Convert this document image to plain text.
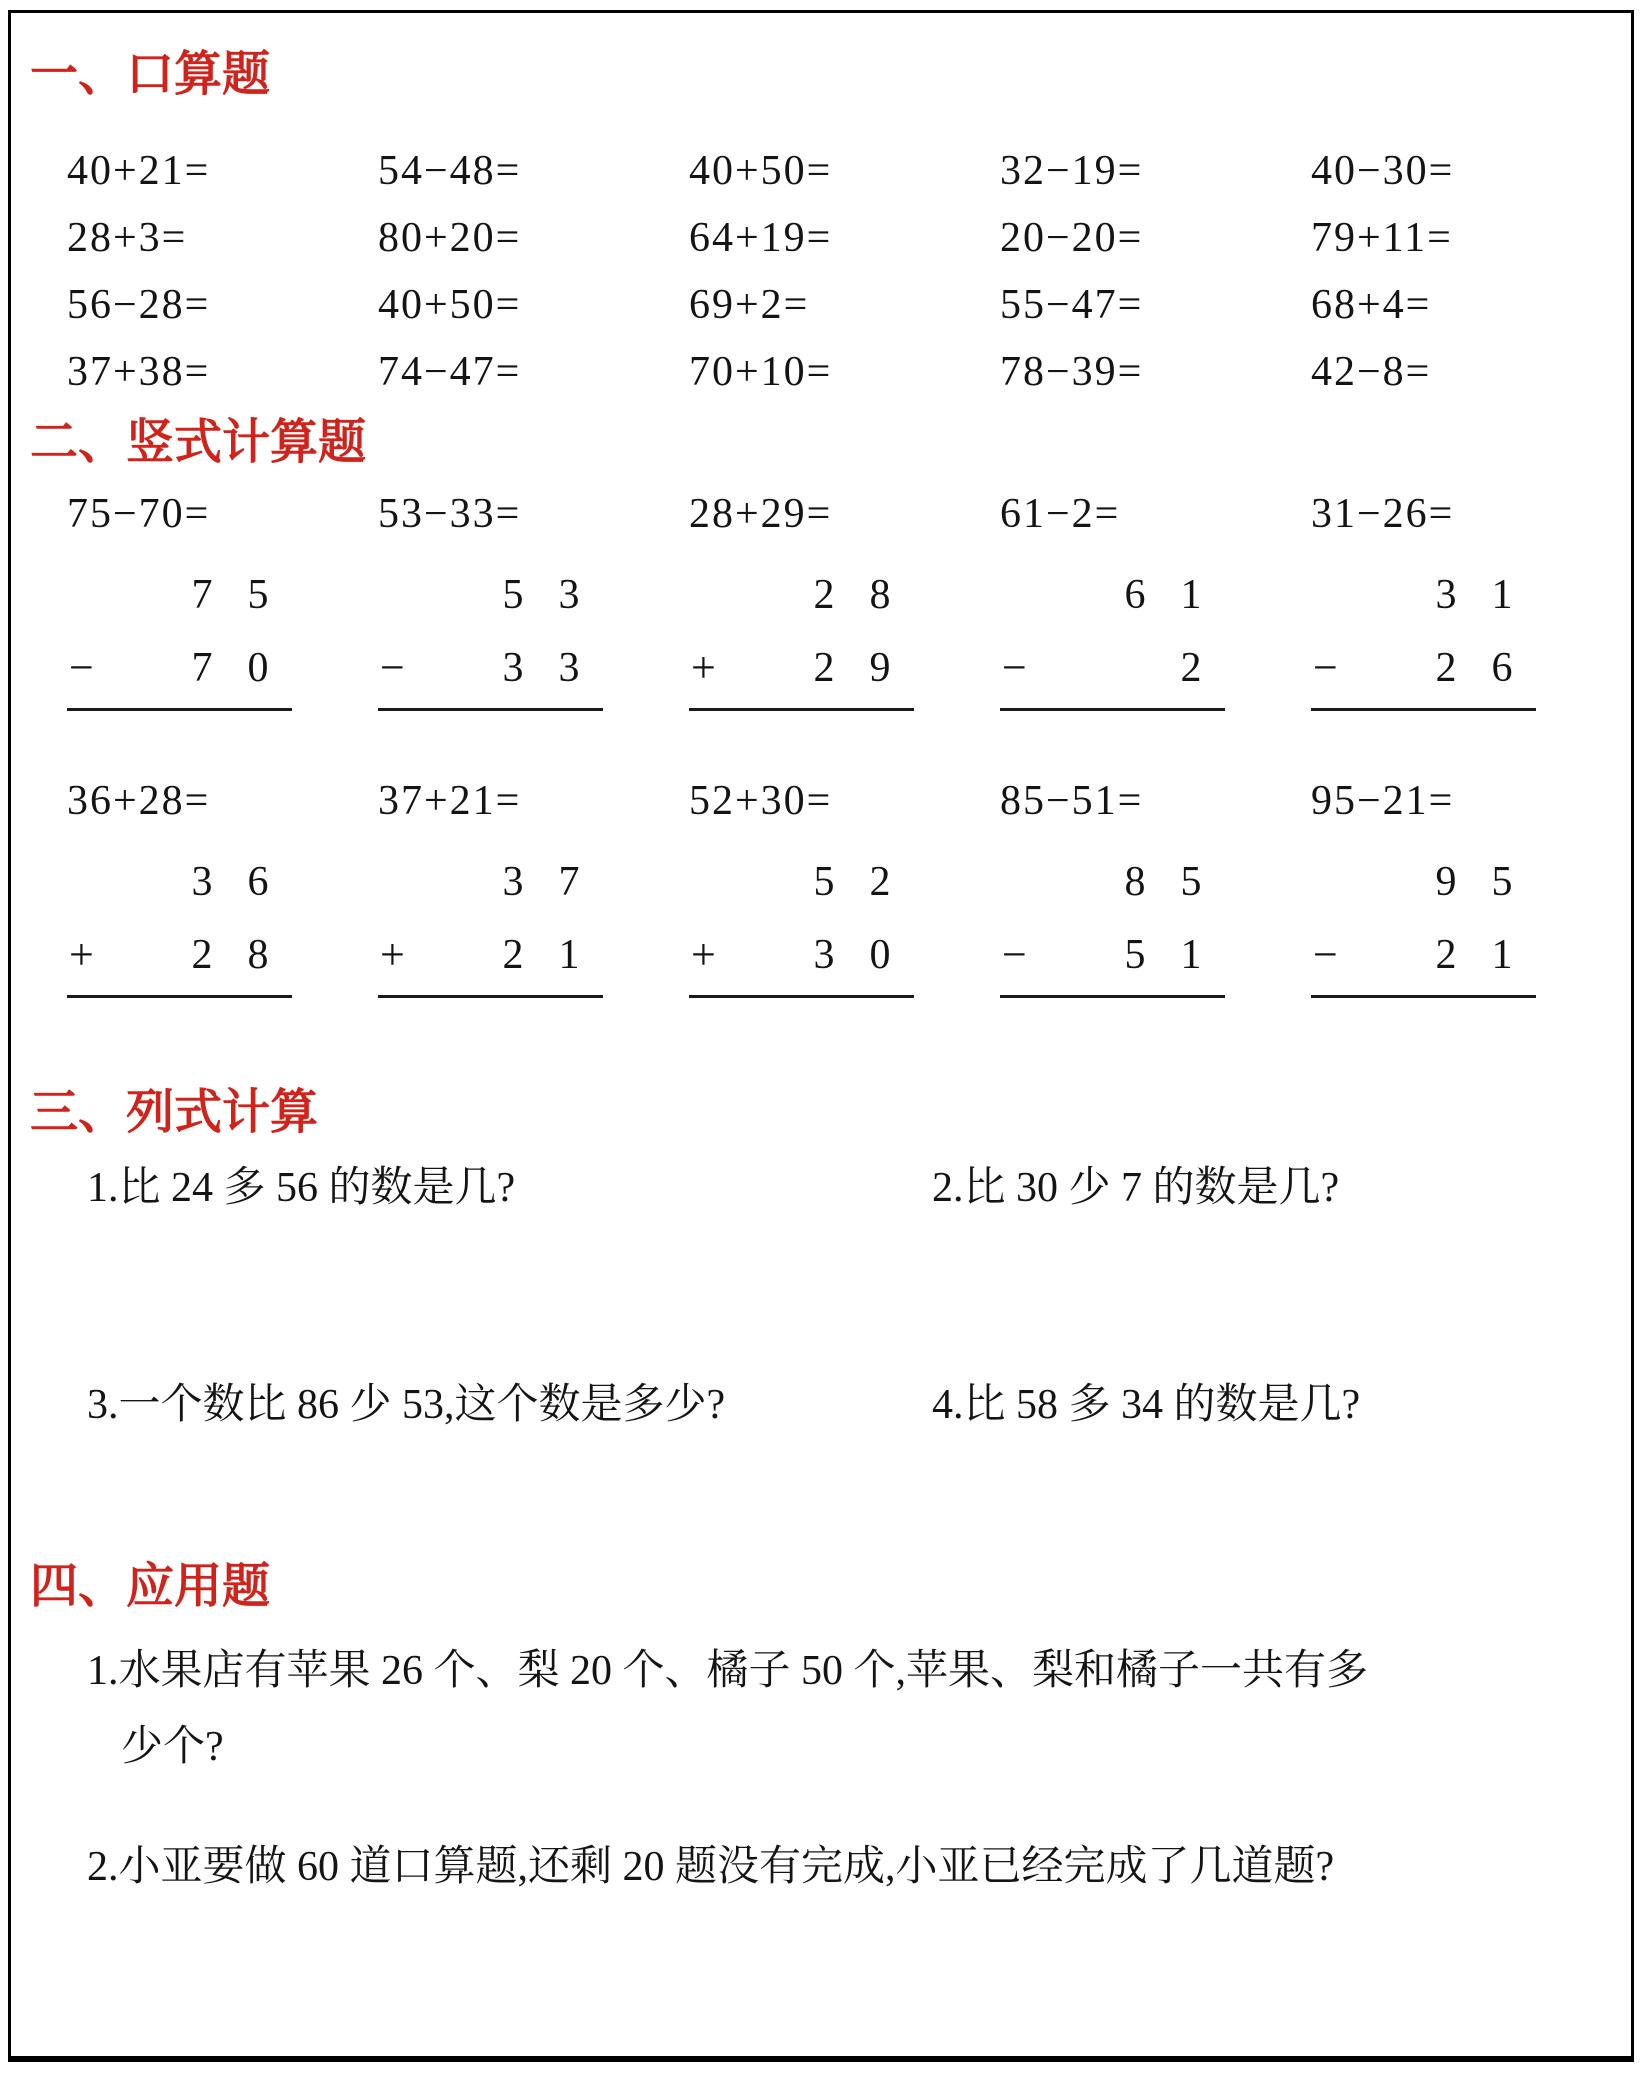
一、口算题
40+21=	54−48=	40+50=	32−19=	40−30=
28+3=	80+20=	64+19=	20−20=	79+11=
56−28=	40+50=	69+2=	55−47=	68+4=
37+38=	74−47=	70+10=	78−39=	42−8=
二、竖式计算题
75−70=
7 5
−	7 0
53−33=
5 3
−	3 3
28+29=
2 8
+	2 9
61−2=
6 1
−	2
31−26=
3 1
−	2 6
36+28=
3 6
+	2 8
37+21=
3 7
+	2 1
52+30=
5 2
+	3 0
85−51=
8 5
−	5 1
95−21=
9 5
−	2 1
三、列式计算
1.比 24 多 56 的数是几?	2.比 30 少 7 的数是几?
3.一个数比 86 少 53,这个数是多少?	4.比 58 多 34 的数是几?
四、应用题
1.水果店有苹果 26 个、梨 20 个、橘子 50 个,苹果、梨和橘子一共有多
少个?
2.小亚要做 60 道口算题,还剩 20 题没有完成,小亚已经完成了几道题?
